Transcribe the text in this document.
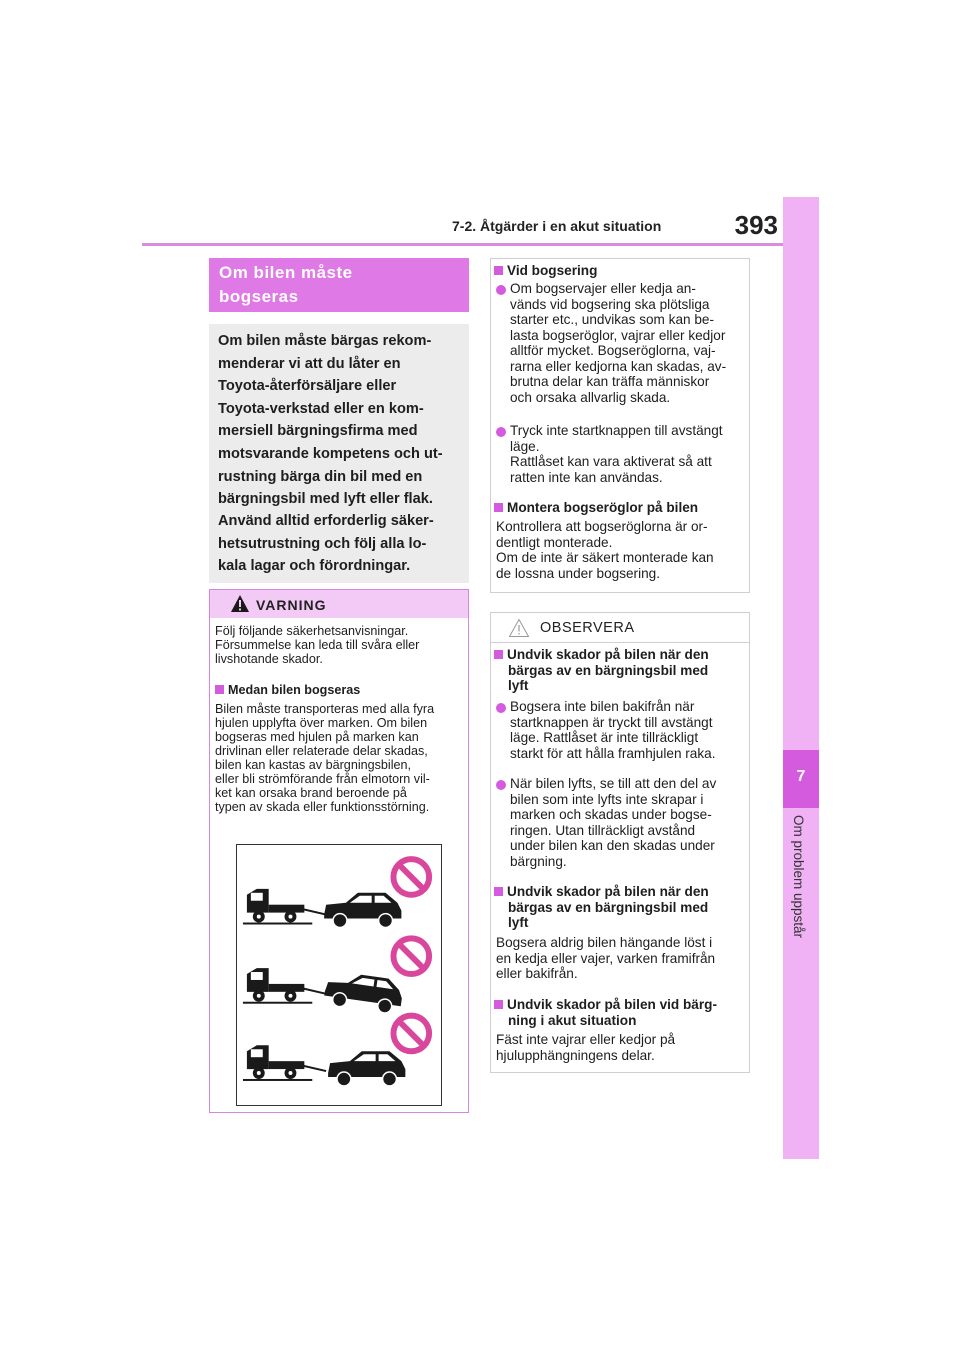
7-2. Åtgärder i en akut situation	393
7
Om problem uppstår
Om bilen måste
bogseras
Om bilen måste bärgas rekom-
menderar vi att du låter en
Toyota-återförsäljare eller
Toyota-verkstad eller en kom-
mersiell bärgningsfirma med
motsvarande kompetens och ut-
rustning bärga din bil med en
bärgningsbil med lyft eller flak.
Använd alltid erforderlig säker-
hetsutrustning och följ alla lo-
kala lagar och förordningar.
VARNING
Följ följande säkerhetsanvisningar.
Försummelse kan leda till svåra eller
livshotande skador.
Medan bilen bogseras
Bilen måste transporteras med alla fyra
hjulen upplyfta över marken. Om bilen
bogseras med hjulen på marken kan
drivlinan eller relaterade delar skadas,
bilen kan kastas av bärgningsbilen,
eller bli strömförande från elmotorn vil-
ket kan orsaka brand beroende på
typen av skada eller funktionsstörning.
Vid bogsering
Om bogservajer eller kedja an-
vänds vid bogsering ska plötsliga
starter etc., undvikas som kan be-
lasta bogseröglor, vajrar eller kedjor
alltför mycket. Bogseröglorna, vaj-
rarna eller kedjorna kan skadas, av-
brutna delar kan träffa människor
och orsaka allvarlig skada.
Tryck inte startknappen till avstängt
läge.
Rattlåset kan vara aktiverat så att
ratten inte kan användas.
Montera bogseröglor på bilen
Kontrollera att bogseröglorna är or-
dentligt monterade.
Om de inte är säkert monterade kan
de lossna under bogsering.
OBSERVERA
Undvik skador på bilen när den
bärgas av en bärgningsbil med
lyft
Bogsera inte bilen bakifrån när
startknappen är tryckt till avstängt
läge. Rattlåset är inte tillräckligt
starkt för att hålla framhjulen raka.
När bilen lyfts, se till att den del av
bilen som inte lyfts inte skrapar i
marken och skadas under bogse-
ringen. Utan tillräckligt avstånd
under bilen kan den skadas under
bärgning.
Undvik skador på bilen när den
bärgas av en bärgningsbil med
lyft
Bogsera aldrig bilen hängande löst i
en kedja eller vajer, varken framifrån
eller bakifrån.
Undvik skador på bilen vid bärg-
ning i akut situation
Fäst inte vajrar eller kedjor på
hjulupphängningens delar.
